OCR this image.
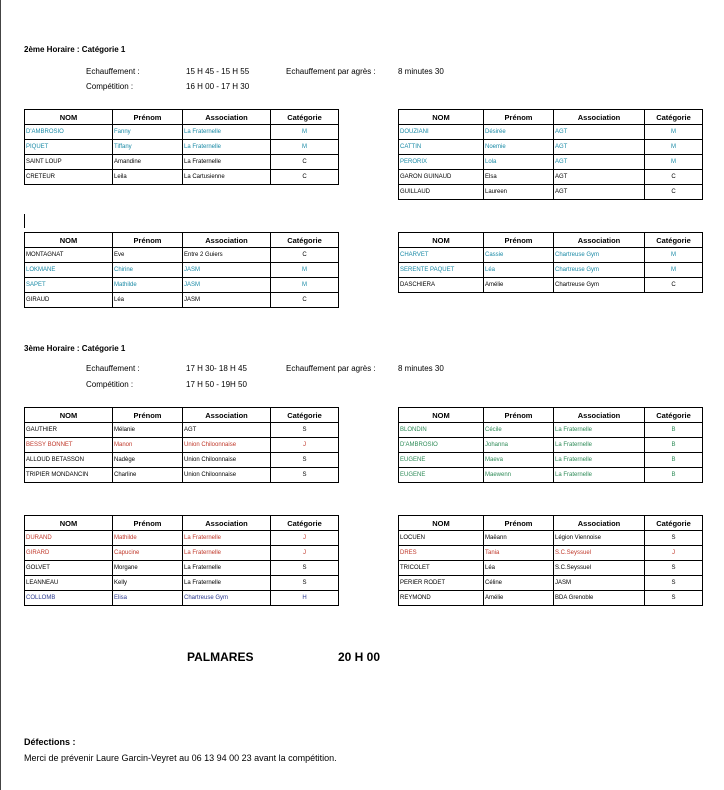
2ème Horaire : Catégorie 1
Echauffement :	15 H 45 - 15 H 55	Echauffement par agrès :	8 minutes 30
Compétition :	16 H 00 - 17 H 30
3ème Horaire : Catégorie 1
Echauffement :	17 H 30- 18 H 45	Echauffement par agrès :	8 minutes 30
Compétition :	17 H 50 - 19H 50
NOM	Prénom	Association	Catégorie
D'AMBROSIO	Fanny	La Fraternelle	M
PIQUET	Tiffany	La Fraternelle	M
SAINT LOUP	Amandine	La Fraternelle	C
CRETEUR	Leila	La Cartusienne	C
NOM	Prénom	Association	Catégorie
DOUZIANI	Désirée	AGT	M
CATTIN	Noemie	AGT	M
PERORIX	Lola	AGT	M
GARON GUINAUD	Elsa	AGT	C
GUILLAUD	Laureen	AGT	C
NOM	Prénom	Association	Catégorie
MONTAGNAT	Eve	Entre 2 Guiers	C
LOKMANE	Chirine	JASM	M
SAPET	Mathilde	JASM	M
GIRAUD	Léa	JASM	C
NOM	Prénom	Association	Catégorie
CHARVET	Cassie	Chartreuse Gym	M
SERENTE PAQUET	Léa	Chartreuse Gym	M
DASCHIERA	Amélie	Chartreuse Gym	C
NOM	Prénom	Association	Catégorie
GAUTHIER	Mélanie	AGT	S
BESSY BONNET	Manon	Union Chiloonnaise	J
ALLOUD BETASSON	Nadège	Union Chiloonnaise	S
TRIPIER MONDANCIN	Charline	Union Chiloonnaise	S
NOM	Prénom	Association	Catégorie
BLONDIN	Cécile	La Fraternelle	B
D'AMBROSIO	Johanna	La Fraternelle	B
EUGENE	Maeva	La Fraternelle	B
EUGENE	Maewenn	La Fraternelle	B
NOM	Prénom	Association	Catégorie
DURAND	Mathilde	La Fraternelle	J
GIRARD	Capucine	La Fraternelle	J
GOLVET	Morgane	La Fraternelle	S
LEANNEAU	Kelly	La Fraternelle	S
COLLOMB	Elisa	Chartreuse Gym	H
NOM	Prénom	Association	Catégorie
LOCUEN	Maëann	Légion Viennoise	S
DRES	Tania	S.C.Seyssuel	J
TRICOLET	Léa	S.C.Seyssuel	S
PERIER RODET	Céline	JASM	S
REYMOND	Amélie	BDA Grenoble	S
PALMARES	20 H 00
Défections :
Merci de prévenir Laure Garcin-Veyret au 06 13 94 00 23 avant la compétition.
